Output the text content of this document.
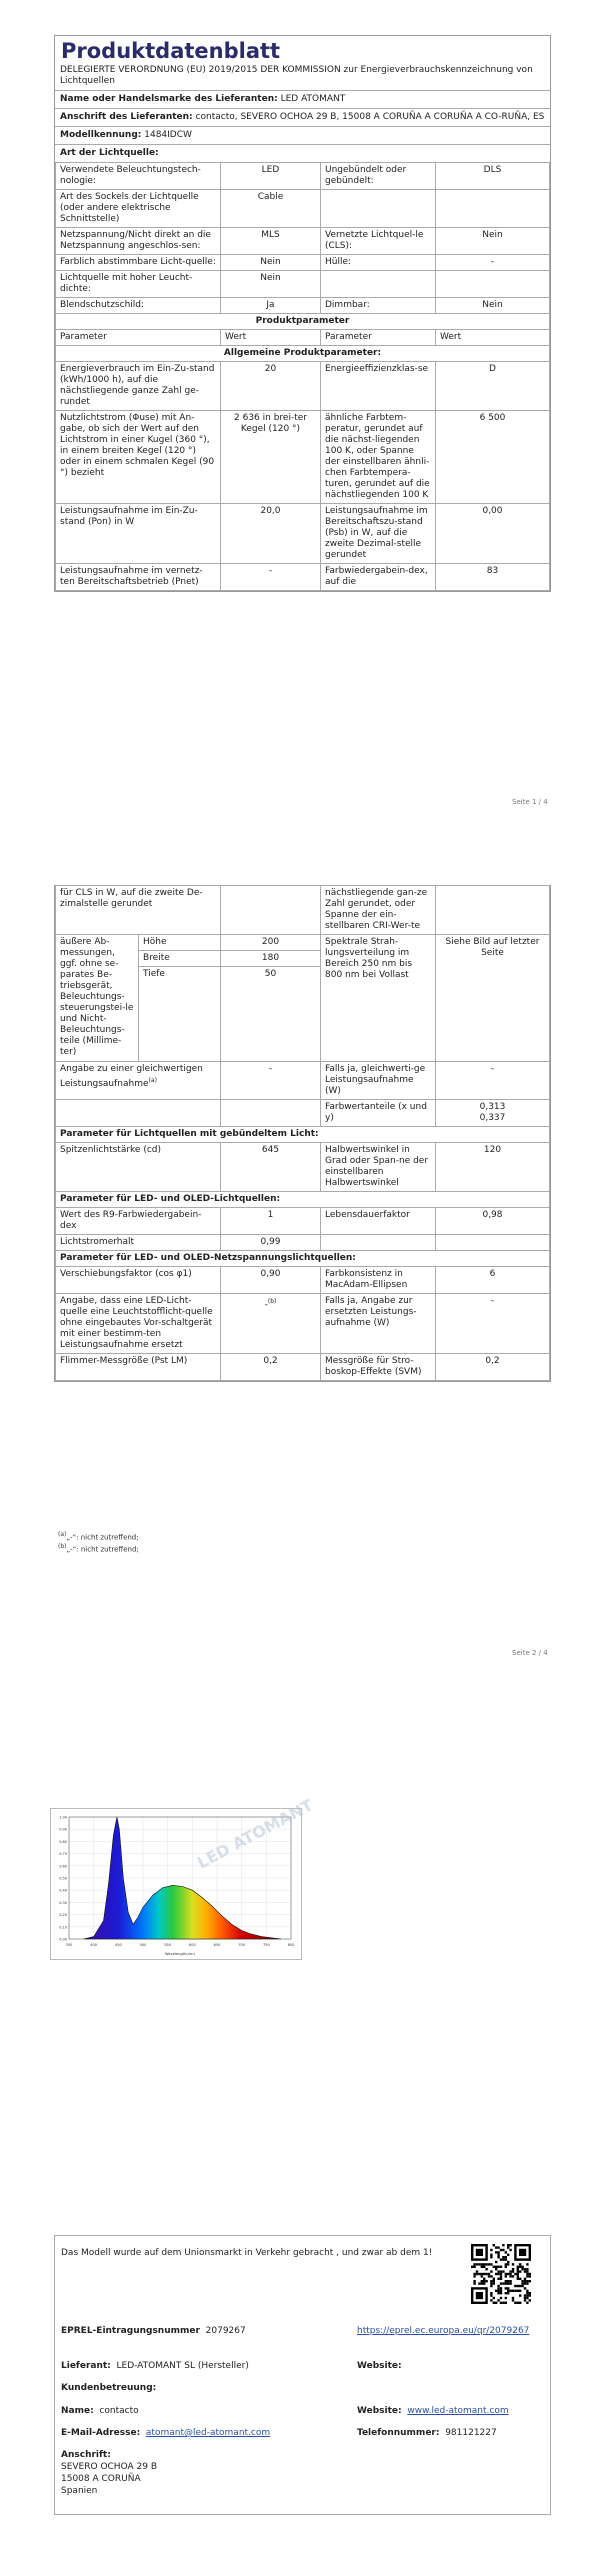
Produktdatenblatt
DELEGIERTE VERORDNUNG (EU) 2019/2015 DER KOMMISSION zur Energieverbrauchskennzeichnung von Lichtquellen
Name oder Handelsmarke des Lieferanten: LED ATOMANT
Anschrift des Lieferanten: contacto, SEVERO OCHOA 29 B, 15008 A CORUÑA A CORUÑA A CO-RUÑA, ES
Modellkennung: 1484IDCW
Art der Lichtquelle:
Verwendete Beleuchtungstech-nologie:	LED	Ungebündelt oder gebündelt:	DLS
Art des Sockels der Lichtquelle (oder andere elektrische Schnittstelle)	Cable		
Netzspannung/Nicht direkt an die Netzspannung angeschlos-sen:	MLS	Vernetzte Lichtquel-le (CLS):	Nein
Farblich abstimmbare Licht-quelle:	Nein	Hülle:	-
Lichtquelle mit hoher Leucht-dichte:	Nein		
Blendschutzschild:	Ja	Dimmbar:	Nein
Produktparameter			
Parameter	Wert	Parameter	Wert
Allgemeine Produktparameter:			
Energieverbrauch im Ein-Zu-stand (kWh/1000 h), auf die nächstliegende ganze Zahl ge-rundet	20	Energieeffizienzklas-se	D
Nutzlichtstrom (Φuse) mit An-gabe, ob sich der Wert auf den Lichtstrom in einer Kugel (360 °), in einem breiten Kegel (120 °) oder in einem schmalen Kegel (90 °) bezieht	2 636 in brei-ter Kegel (120 °)	ähnliche Farbtem-peratur, gerundet auf die nächst-liegenden 100 K, oder Spanne der einstellbaren ähnli-chen Farbtempera-turen, gerundet auf die nächstliegenden 100 K	6 500
Leistungsaufnahme im Ein-Zu-stand (Pon) in W	20,0	Leistungsaufnahme im Bereitschaftszu-stand (Psb) in W, auf die zweite Dezimal-stelle gerundet	0,00
Leistungsaufnahme im vernetz-ten Bereitschaftsbetrieb (Pnet)	-	Farbwiedergabein-dex, auf die	83
Seite 1 / 4
für CLS in W, auf die zweite De-zimalstelle gerundet			nächstliegende gan-ze Zahl gerundet, oder Spanne der ein-stellbaren CRI-Wer-te	
äußere Ab-messungen, ggf. ohne se-parates Be-triebsgerät, Beleuchtungs-steuerungstei-le und Nicht-Beleuchtungs-teile (Millime-ter)	Höhe	200	Spektrale Strah-lungsverteilung im Bereich 250 nm bis 800 nm bei Vollast	Siehe Bild auf letzter Seite
	Breite	180		
	Tiefe	50		
Angabe zu einer gleichwertigen Leistungsaufnahme$^{(a)}$		-	Falls ja, gleichwerti-ge Leistungsaufnahme (W)	-
			Farbwertanteile (x und y)	0,313
0,337

Parameter für Lichtquellen mit gebündeltem Licht:				
Spitzenlichtstärke (cd)		645	Halbwertswinkel in Grad oder Span-ne der einstellbaren Halbwertswinkel	120
Parameter für LED- und OLED-Lichtquellen:				
Wert des R9-Farbwiedergabein-dex		1	Lebensdauerfaktor	0,98
Lichtstromerhalt		0,99		
Parameter für LED- und OLED-Netzspannungslichtquellen:				
Verschiebungsfaktor (cos φ1)		0,90	Farbkonsistenz in MacAdam-Ellipsen	6
Angabe, dass eine LED-Licht-quelle eine Leuchtstofflicht-quelle ohne eingebautes Vor-schaltgerät mit einer bestimm-ten Leistungsaufnahme ersetzt		-$^{(b)}$	Falls ja, Angabe zur ersetzten Leistungs-aufnahme (W)	-
Flimmer-Messgröße (Pst LM)		0,2	Messgröße für Stro-boskop-Effekte (SVM)	0,2
$^{(a)}$„-“: nicht zutreffend;
$^{(b)}$„-“: nicht zutreffend;
Seite 2 / 4
0.00
0.10
0.20
0.30
0.40
0.50
0.60
0.70
0.80
0.90
1.00
350	400	450	500	550	600	650	700	750	800
LED ATOMANT
Wavelength(nm)
Das Modell wurde auf dem Unionsmarkt in Verkehr gebracht , und zwar ab dem 1!
EPREL-Eintragungsnummer 2079267	https://eprel.ec.europa.eu/qr/2079267
Lieferant: LED-ATOMANT SL (Hersteller)	Website:
Kundenbetreuung:
Name: contacto	Website: www.led-atomant.com
E-Mail-Adresse: atomant@led-atomant.com	Telefonnummer: 981121227
Anschrift:
SEVERO OCHOA 29 B
15008 A CORUÑA
Spanien
